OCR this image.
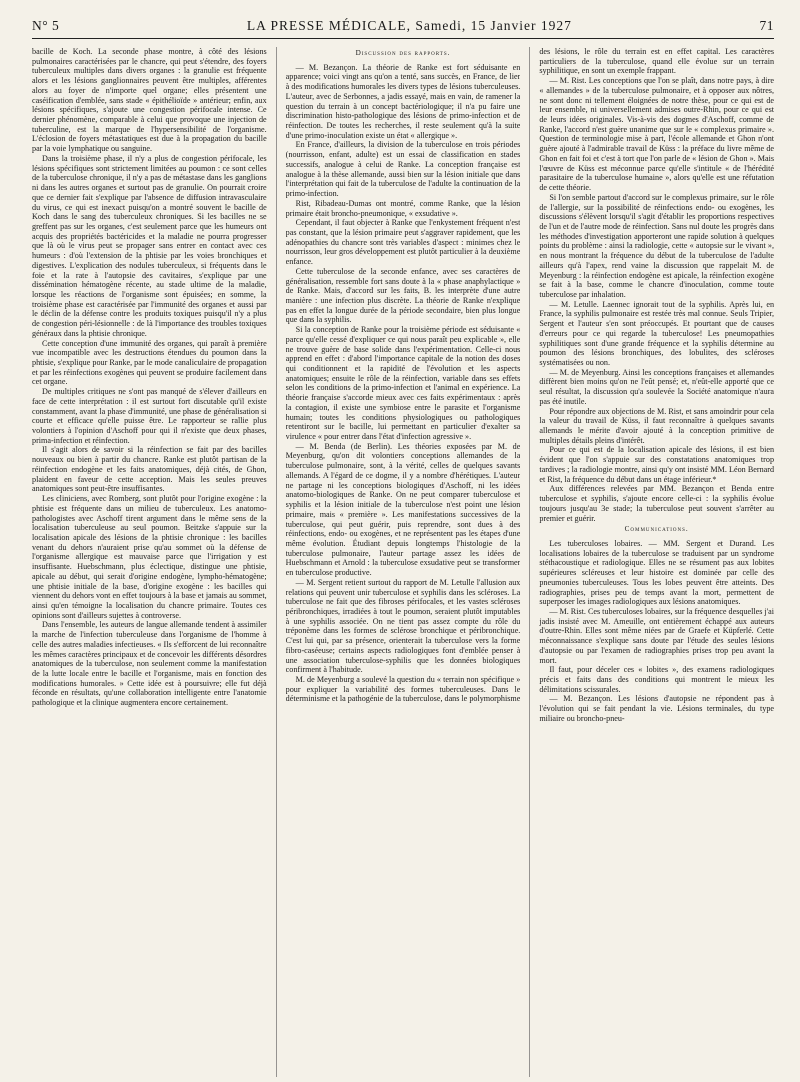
N° 5	LA PRESSE MÉDICALE, Samedi, 15 Janvier 1927	71

bacille de Koch. La seconde phase montre, à côté des lésions pulmonaires caractérisées par le chancre, qui peut s'étendre, des foyers tuberculeux multiples dans divers organes : la granulie est fréquente alors et les lésions ganglionnaires peuvent être multiples, afférentes alors au foyer de n'importe quel organe; elles présentent une caséification d'emblée, sans stade « épithélioïde » antérieur; enfin, aux lésions spécifiques, s'ajoute une congestion périfocale intense. Ce dernier phénomène, comparable à celui que provoque une injection de tuberculine, est la marque de l'hypersensibilité de l'organisme. L'éclosion de foyers métastatiques est due à la propagation du bacille par la voie lymphatique ou sanguine.

Dans la troisième phase, il n'y a plus de congestion périfocale, les lésions spécifiques sont strictement limitées au poumon : ce sont celles de la tuberculose chronique, il n'y a pas de métastase dans les ganglions ni dans les autres organes et surtout pas de granulie. On pourrait croire que ce dernier fait s'explique par l'absence de diffusion intravasculaire du virus, ce qui est inexact puisqu'on a montré souvent le bacille de Koch dans le sang des tuberculeux chroniques. Si les bacilles ne se greffent pas sur les organes, c'est seulement parce que les humeurs ont acquis des propriétés bactéricides et la maladie ne pourra progresser que là où le virus peut se propager sans entrer en contact avec ces humeurs : d'où l'extension de la phtisie par les voies bronchiques et digestives. L'explication des nodules tuberculeux, si fréquents dans le foie et la rate à l'autopsie des cavitaires, s'explique par une dissémination hématogène récente, au stade ultime de la maladie, lorsque les réactions de l'organisme sont épuisées; en somme, la troisième phase est caractérisée par l'immunité des organes et aussi par le déclin de la défense contre les produits toxiques puisqu'il n'y a plus de congestion péri-lésionnelle : de là l'importance des troubles toxiques généraux dans la phtisie chronique.

Cette conception d'une immunité des organes, qui paraît à première vue incompatible avec les destructions étendues du poumon dans la phtisie, s'explique pour Ranke, par le mode canaliculaire de propagation et par les réinfections exogènes qui peuvent se produire facilement dans cet organe.

De multiples critiques ne s'ont pas manqué de s'élever d'ailleurs en face de cette interprétation : il est surtout fort discutable qu'il existe constamment, avant la phase d'immunité, une phase de généralisation si courte et efficace qu'elle puisse être. Le rapporteur se rallie plus volontiers à l'opinion d'Aschoff pour qui il n'existe que deux phases, prima-infection et réinfection.

Il s'agit alors de savoir si la réinfection se fait par des bacilles nouveaux ou bien à partir du chancre. Ranke est plutôt partisan de la réinfection endogène et les faits anatomiques, déjà cités, de Ghon, plaident en faveur de cette acception. Mais les seules preuves anatomiques sont peut-être insuffisantes.

Les cliniciens, avec Romberg, sont plutôt pour l'origine exogène : la phtisie est fréquente dans un milieu de tuberculeux. Les anatomo-pathologistes avec Aschoff tirent argument dans le même sens de la localisation tuberculeuse au seul poumon. Beitzke s'appuie sur la localisation apicale des lésions de la phtisie chronique : les bacilles venant du dehors n'auraient prise qu'au sommet où la défense de l'organisme allergique est mauvaise parce que l'irrigation y est insuffisante. Huebschmann, plus éclectique, distingue une phtisie, apicale au début, qui serait d'origine endogène, lympho-hématogène; une phtisie initiale de la base, d'origine exogène : les bacilles qui viennent du dehors vont en effet toujours à la base et jamais au sommet, ainsi qu'en témoigne la localisation du chancre primaire. Toutes ces opinions sont d'ailleurs sujettes à controverse.

Dans l'ensemble, les auteurs de langue allemande tendent à assimiler la marche de l'infection tuberculeuse dans l'organisme de l'homme à celle des autres maladies infectieuses. « Ils s'efforcent de lui reconnaître les mêmes caractères principaux et de concevoir les différents désordres anatomiques de la tuberculose, non seulement comme la manifestation de la lutte locale entre le bacille et l'organisme, mais en fonction des modifications humorales. » Cette idée est à poursuivre; elle fut déjà féconde en résultats, qu'une collaboration intelligente entre l'anatomie pathologique et la clinique augmentera encore certainement.

Discussion des rapports.

— M. Bezançon. La théorie de Ranke est fort séduisante en apparence; voici vingt ans qu'on a tenté, sans succès, en France, de lier à des modifications humorales les divers types de lésions tuberculeuses. L'auteur, avec de Serbonnes, a jadis essayé, mais en vain, de ramener la question du terrain à un concept bactériologique; il n'a pu faire une discrimination histo-pathologique des lésions de primo-infection et de réinfection. De toutes les recherches, il reste seulement qu'à la suite d'une primo-inoculation existe un état « allergique ».

En France, d'ailleurs, la division de la tuberculose en trois périodes (nourrisson, enfant, adulte) est un essai de classification en stades successifs, analogue à celui de Ranke. La conception française est analogue à la thèse allemande, aussi bien sur la lésion initiale que dans l'interprétation qui fait de la tuberculose de l'adulte la continuation de la primo-infection.

Rist, Ribadeau-Dumas ont montré, comme Ranke, que la lésion primaire était broncho-pneumonique, « exsudative ».

Cependant, il faut objecter à Ranke que l'enkystement fréquent n'est pas constant, que la lésion primaire peut s'aggraver rapidement, que les adénopathies du chancre sont très variables d'aspect : minimes chez le nourrisson, leur gros développement est plutôt particulier à la deuxième enfance.

Cette tuberculose de la seconde enfance, avec ses caractères de généralisation, ressemble fort sans doute à la « phase anaphylactique » de Ranke. Mais, d'accord sur les faits, B. les interprète d'une autre manière : une infection plus discrète. La théorie de Ranke n'explique pas en effet la longue durée de la période secondaire, bien plus longue que dans la syphilis.

Si la conception de Ranke pour la troisième période est séduisante « parce qu'elle cessé d'expliquer ce qui nous paraît peu explicable », elle ne trouve guère de base solide dans l'expérimentation. Celle-ci nous apprend en effet : d'abord l'importance capitale de la notion des doses qui conditionnent et la rapidité de l'évolution et les aspects anatomiques; ensuite le rôle de la réinfection, variable dans ses effets selon les conditions de la primo-infection et l'animal en expérience. La théorie française s'accorde mieux avec ces faits expérimentaux : après la contagion, il existe une symbiose entre le parasite et l'organisme humain; toutes les conditions physiologiques ou pathologiques retentiront sur le bacille, lui permettant en particulier d'exalter sa virulence « pour entrer dans l'état d'infection agressive ».

— M. Benda (de Berlin). Les théories exposées par M. de Meyenburg, qu'on dit volontiers conceptions allemandes de la tuberculose pulmonaire, sont, à la vérité, celles de quelques savants allemands. A l'égard de ce dogme, il y a nombre d'hérétiques. L'auteur ne partage ni les conceptions biologiques d'Aschoff, ni les idées anatomo-biologiques de Ranke. On ne peut comparer tuberculose et syphilis et la lésion initiale de la tuberculose n'est point une lésion primaire, mais « première ». Les manifestations successives de la tuberculose, qui peut guérir, puis reprendre, sont dues à des réinfections, endo- ou exogènes, et ne représentent pas les étapes d'une même évolution. Étudiant depuis longtemps l'histologie de la tuberculose pulmonaire, l'auteur partage assez les idées de Huebschmann et Arnold : la tuberculose exsudative peut se transformer en tuberculose productive.

— M. Sergent retient surtout du rapport de M. Letulle l'allusion aux relations qui peuvent unir tuberculose et syphilis dans les scléroses. La tuberculose ne fait que des fibroses périfocales, et les vastes scléroses péribronchiques, irradiées à tout le poumon, seraient plutôt imputables à une syphilis associée. On ne tient pas assez compte du rôle du tréponème dans les formes de sclérose bronchique et péribronchique. C'est lui qui, par sa présence, orienterait la tuberculose vers la forme fibro-caséeuse; certains aspects radiologiques font d'emblée penser à une association tuberculose-syphilis que les données biologiques confirment à l'habitude.

M. de Meyenburg a soulevé la question du « terrain non spécifique » pour expliquer la variabilité des formes tuberculeuses. Dans le déterminisme et la pathogénie de la tuberculose, dans le polymorphisme

des lésions, le rôle du terrain est en effet capital. Les caractères particuliers de la tuberculose, quand elle évolue sur un terrain syphilitique, en sont un exemple frappant.

— M. Rist. Les conceptions que l'on se plaît, dans notre pays, à dire « allemandes » de la tuberculose pulmonaire, et à opposer aux nôtres, ne sont donc ni tellement éloignées de notre thèse, pour ce qui est de leur ensemble, ni universellement admises outre-Rhin, pour ce qui est de leurs idées originales. Vis-à-vis des dogmes d'Aschoff, comme de Ranke, l'accord n'est guère unanime que sur le « complexus primaire ». Question de terminologie mise à part, l'école allemande et Ghon n'ont guère ajouté à l'admirable travail de Küss : la préface du livre même de Ghon en fait foi et c'est à tort que l'on parle de « lésion de Ghon ». Mais l'œuvre de Küss est méconnue parce qu'elle s'intitule « de l'hérédité parasitaire de la tuberculose humaine », alors qu'elle est une réfutation de cette théorie.

Si l'on semble partout d'accord sur le complexus primaire, sur le rôle de l'allergie, sur la possibilité de réinfections endo- ou exogènes, les discussions s'élèvent lorsqu'il s'agit d'établir les proportions respectives de l'un et de l'autre mode de réinfection. Sans nul doute les progrès dans les méthodes d'investigation apporteront une rapide solution à quelques points du problème : ainsi la radiologie, cette « autopsie sur le vivant », en nous montrant la fréquence du début de la tuberculose de l'adulte ailleurs qu'à l'apex, rend vaine la discussion que rappelait M. de Meyenburg : la réinfection endogène est apicale, la réinfection exogène se fait à la base, comme le chancre d'inoculation, comme toute tuberculose par inhalation.

— M. Letulle. Laennec ignorait tout de la syphilis. Après lui, en France, la syphilis pulmonaire est restée très mal connue. Seuls Tripier, Sergent et l'auteur s'en sont préoccupés. Et pourtant que de causes d'erreurs pour ce qui regarde la tuberculose! Les pneumopathies syphilitiques sont d'une grande fréquence et la syphilis détermine au poumon des lésions bronchiques, des lobulites, des scléroses systématisées ou non.

— M. de Meyenburg. Ainsi les conceptions françaises et allemandes diffèrent bien moins qu'on ne l'eût pensé; et, n'eût-elle apporté que ce seul résultat, la discussion qu'a soulevée la Société anatomique n'aura pas été inutile.

Pour répondre aux objections de M. Rist, et sans amoindrir pour cela la valeur du travail de Küss, il faut reconnaître à quelques savants allemands le mérite d'avoir ajouté à la conception primitive de multiples détails pleins d'intérêt.

Pour ce qui est de la localisation apicale des lésions, il est bien évident que l'on s'appuie sur des constatations anatomiques trop tardives ; la radiologie montre, ainsi qu'y ont insisté MM. Léon Bernard et Rist, la fréquence du début dans un étage inférieur.*

Aux différences relevées par MM. Bezançon et Benda entre tuberculose et syphilis, s'ajoute encore celle-ci : la syphilis évolue toujours jusqu'au 3e stade; la tuberculose peut souvent s'arrêter au premier et guérir.

Communications.

Les tuberculoses lobaires. — MM. Sergent et Durand. Les localisations lobaires de la tuberculose se traduisent par un syndrome stéthacoustique et radiologique. Elles ne se résument pas aux lobites supérieures scléreuses et leur histoire est dominée par celle des pneumonies tuberculeuses. Tous les lobes peuvent être atteints. Des radiographies, prises peu de temps avant la mort, permettent de superposer les images radiologiques aux lésions anatomiques.

— M. Rist. Ces tuberculoses lobaires, sur la fréquence desquelles j'ai jadis insisté avec M. Ameuille, ont entièrement échappé aux auteurs d'outre-Rhin. Elles sont même niées par de Graefe et Küpferlé. Cette méconnaissance s'explique sans doute par l'étude des seules lésions d'autopsie ou par l'examen de radiographies prises trop peu avant la mort.

Il faut, pour déceler ces « lobites », des examens radiologiques précis et faits dans des conditions qui montrent le mieux les délimitations scissurales.

— M. Bezançon. Les lésions d'autopsie ne répondent pas à l'évolution qui se fait pendant la vie. Lésions terminales, du type miliaire ou broncho-pneu-
